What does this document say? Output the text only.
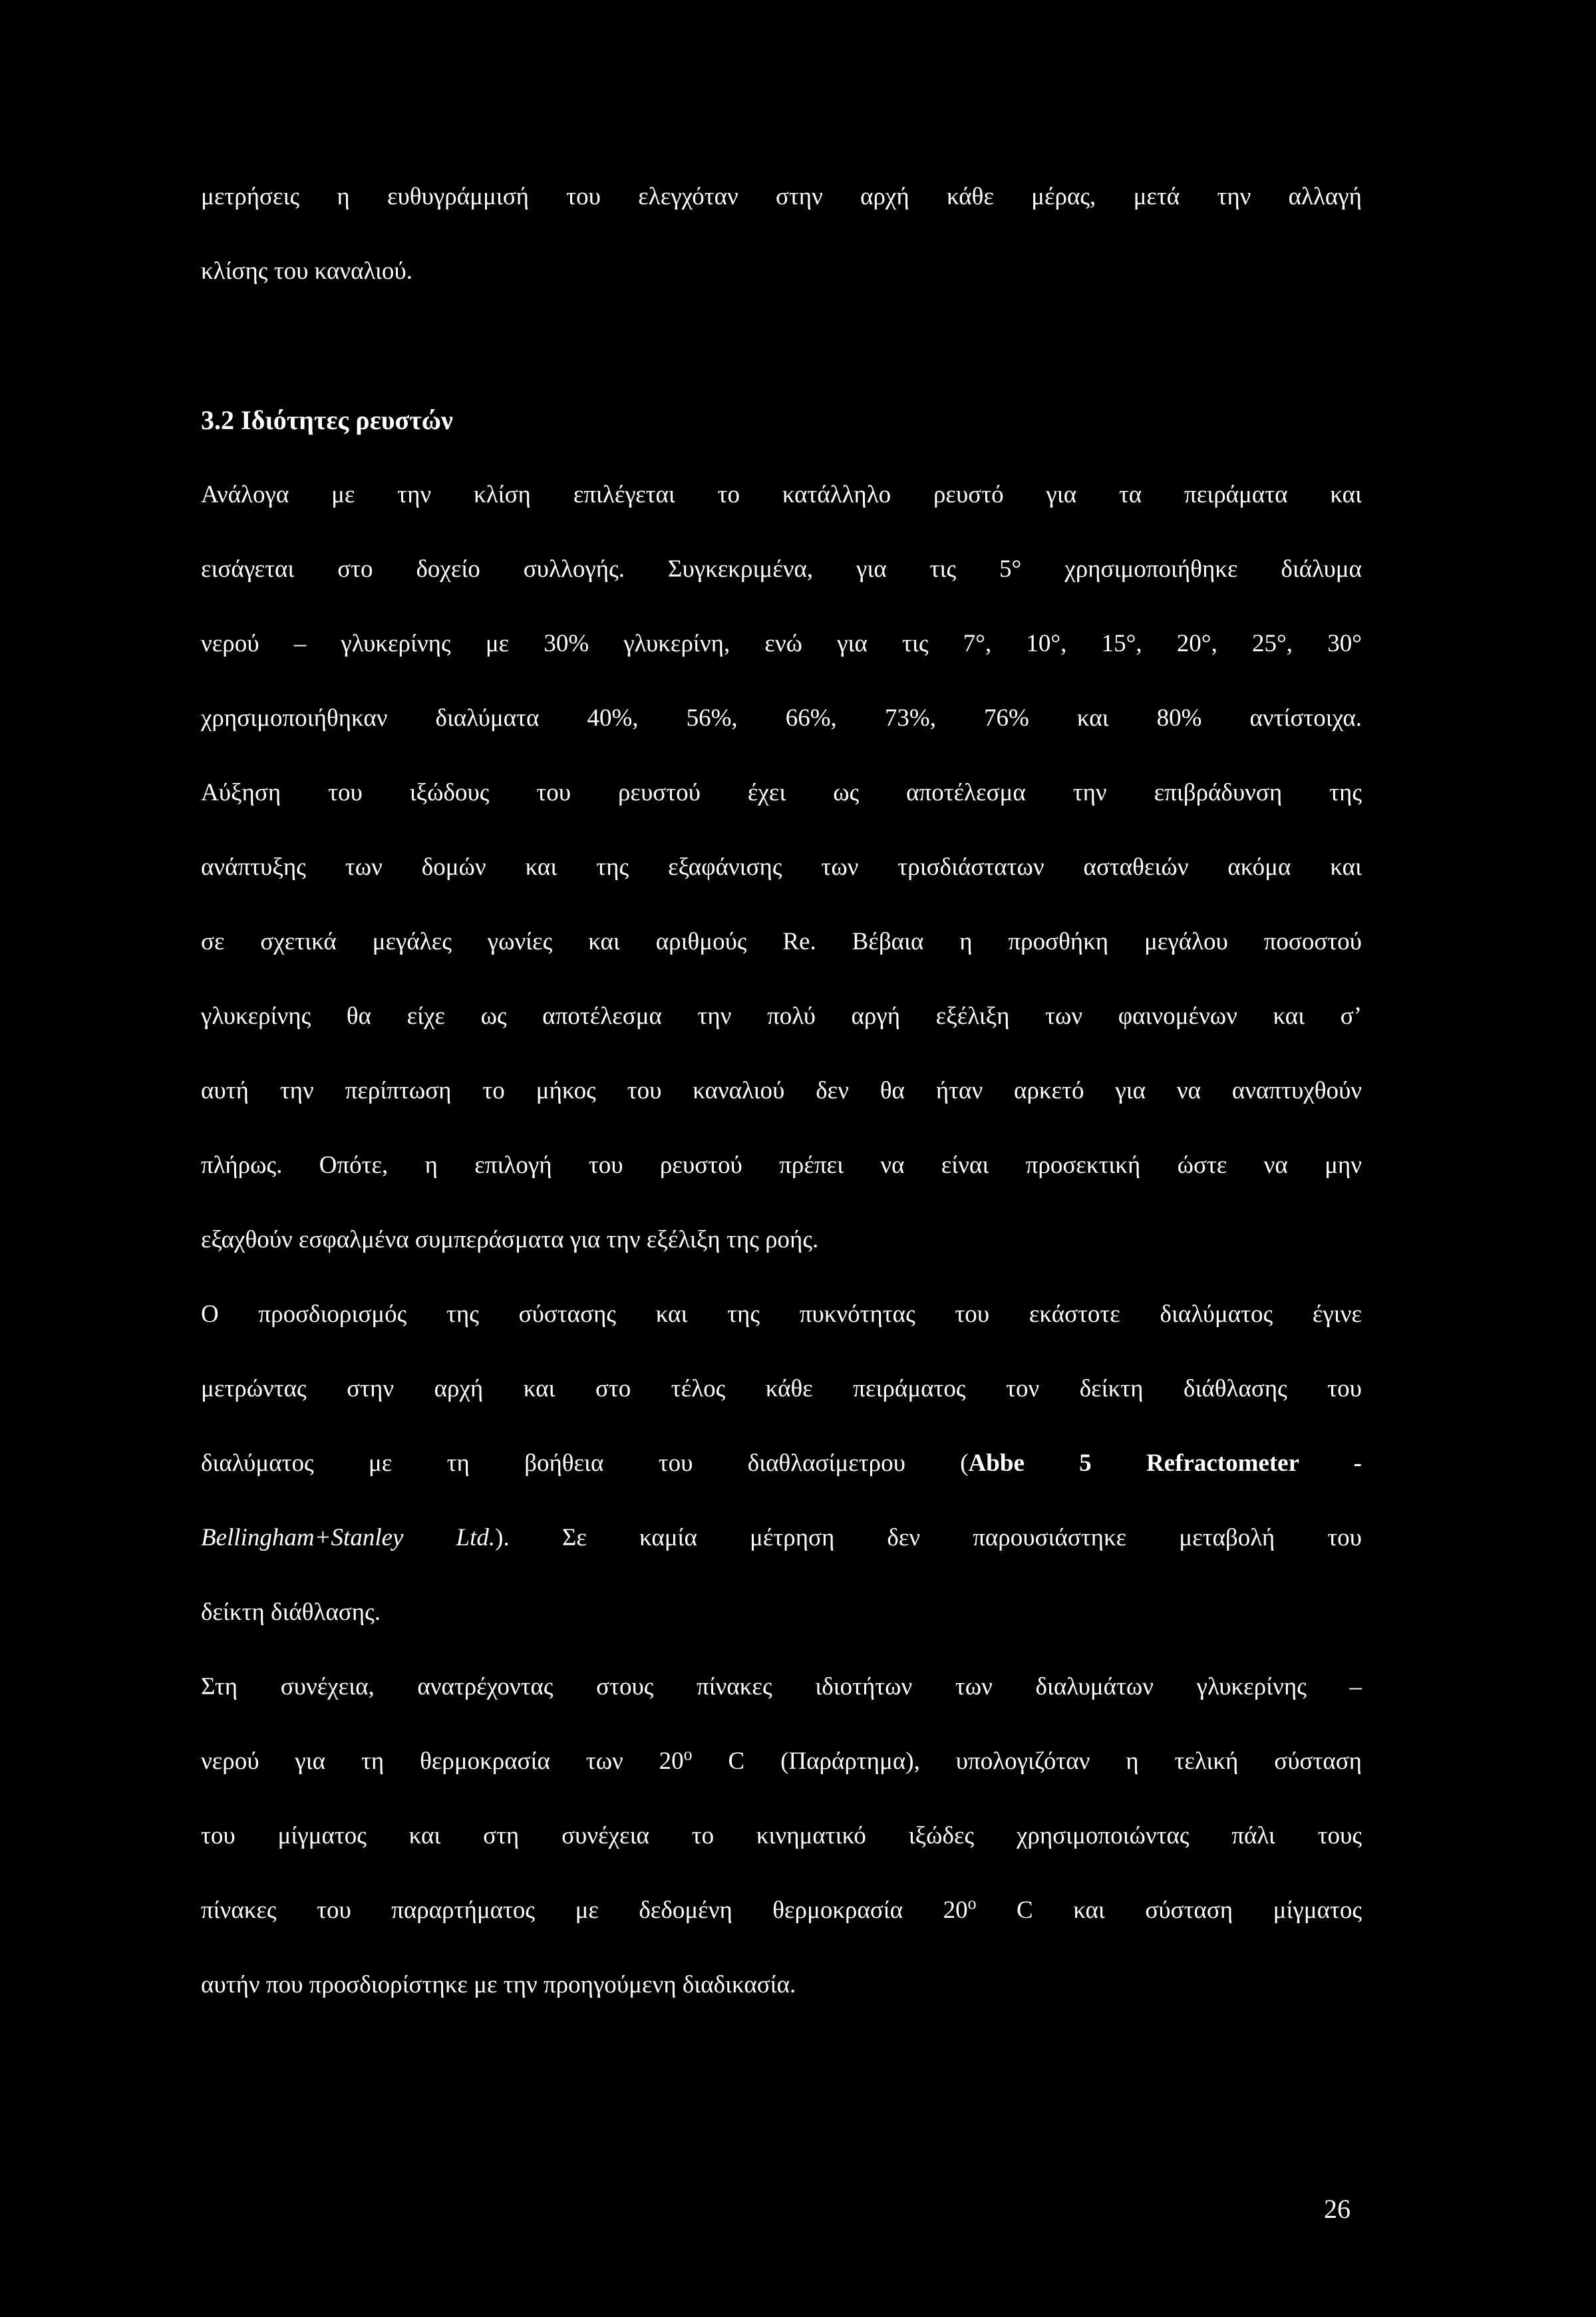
μετρήσεις η ευθυγράμμισή του ελεγχόταν στην αρχή κάθε μέρας, μετά την αλλαγή
κλίσης του καναλιού.
3.2 Ιδιότητες ρευστών
Ανάλογα με την κλίση επιλέγεται το κατάλληλο ρευστό για τα πειράματα και
εισάγεται στο δοχείο συλλογής. Συγκεκριμένα, για τις 5° χρησιμοποιήθηκε διάλυμα
νερού – γλυκερίνης με 30% γλυκερίνη, ενώ για τις 7°, 10°, 15°, 20°, 25°, 30°
χρησιμοποιήθηκαν διαλύματα 40%, 56%, 66%, 73%, 76% και 80% αντίστοιχα.
Αύξηση του ιξώδους του ρευστού έχει ως αποτέλεσμα την επιβράδυνση της
ανάπτυξης των δομών και της εξαφάνισης των τρισδιάστατων ασταθειών ακόμα και
σε σχετικά μεγάλες γωνίες και αριθμούς Re. Βέβαια η προσθήκη μεγάλου ποσοστού
γλυκερίνης θα είχε ως αποτέλεσμα την πολύ αργή εξέλιξη των φαινομένων και σ’
αυτή την περίπτωση το μήκος του καναλιού δεν θα ήταν αρκετό για να αναπτυχθούν
πλήρως. Οπότε, η επιλογή του ρευστού πρέπει να είναι προσεκτική ώστε να μην
εξαχθούν εσφαλμένα συμπεράσματα για την εξέλιξη της ροής.
Ο προσδιορισμός της σύστασης και της πυκνότητας του εκάστοτε διαλύματος έγινε
μετρώντας στην αρχή και στο τέλος κάθε πειράματος τον δείκτη διάθλασης του
διαλύματος με τη βοήθεια του διαθλασίμετρου (Abbe 5 Refractometer -
Bellingham+Stanley Ltd.). Σε καμία μέτρηση δεν παρουσιάστηκε μεταβολή του
δείκτη διάθλασης.
Στη συνέχεια, ανατρέχοντας στους πίνακες ιδιοτήτων των διαλυμάτων γλυκερίνης –
νερού για τη θερμοκρασία των 20$^o$ C (Παράρτημα), υπολογιζόταν η τελική σύσταση
του μίγματος και στη συνέχεια το κινηματικό ιξώδες χρησιμοποιώντας πάλι τους
πίνακες του παραρτήματος με δεδομένη θερμοκρασία 20$^o$ C και σύσταση μίγματος
αυτήν που προσδιορίστηκε με την προηγούμενη διαδικασία.
26
